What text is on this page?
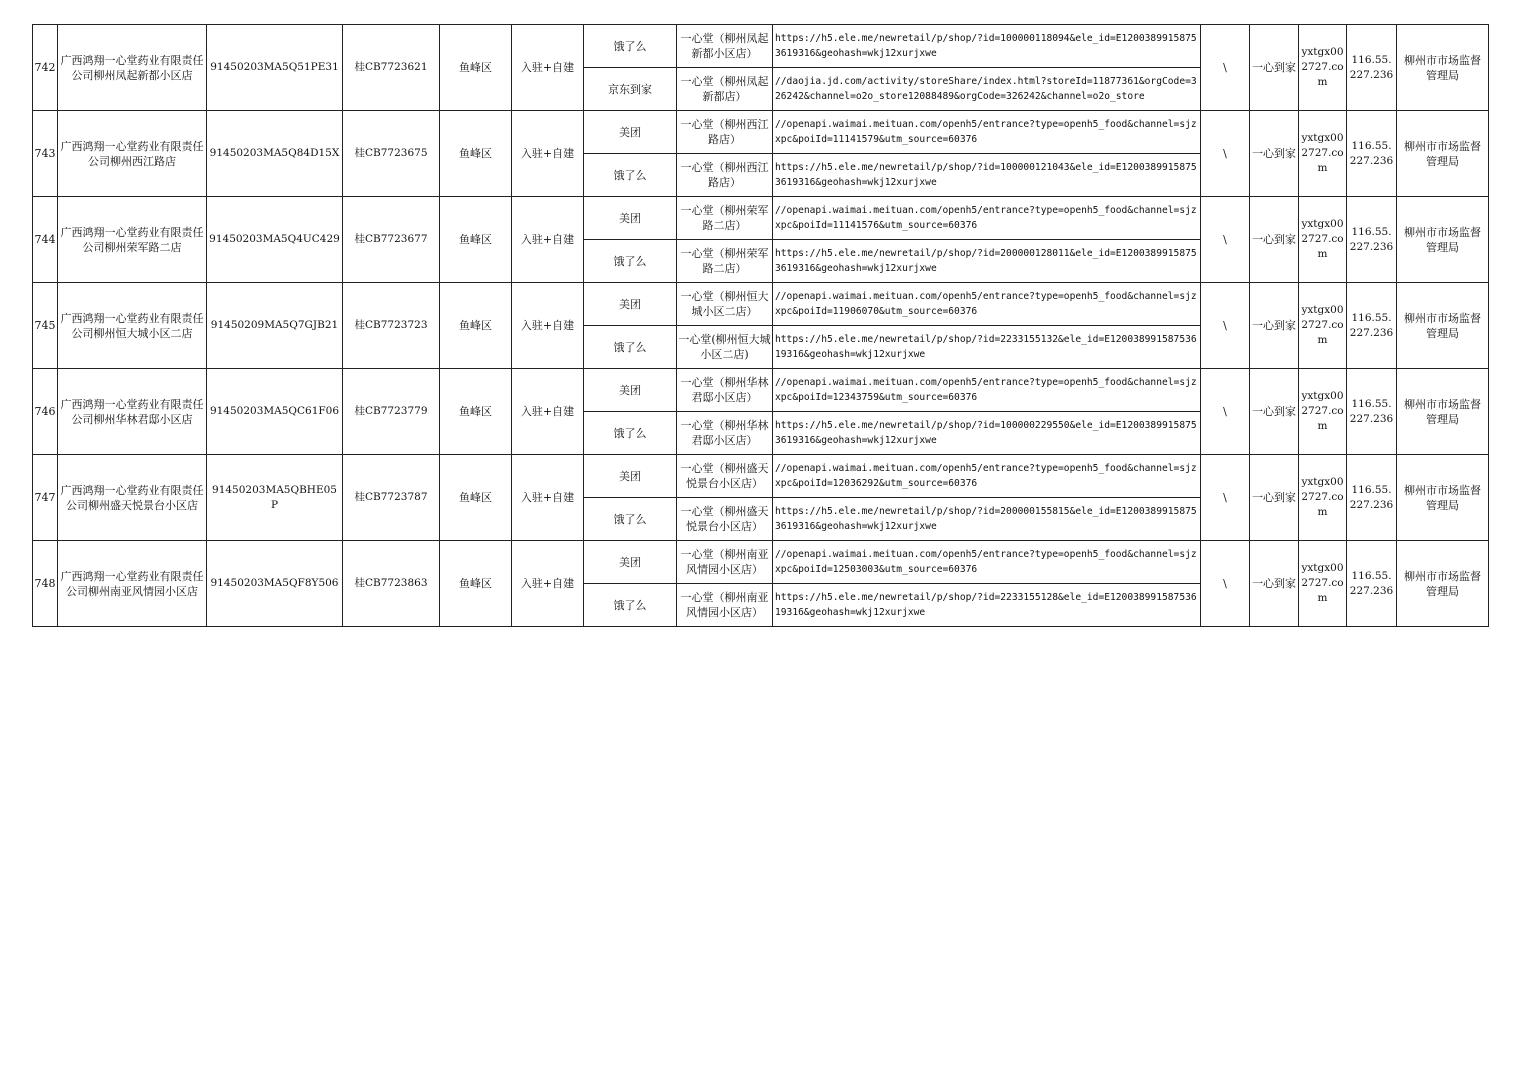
742	广西鸿翔一心堂药业有限责任公司柳州凤起新都小区店	91450203MA5Q51PE31	桂CB7723621	鱼峰区	入驻+自建	饿了么	一心堂（柳州凤起新都小区店）	https://h5.ele.me/newretail/p/shop/?id=100000118094&ele_id=E12003899158753619316&geohash=wkj12xurjxwe	\	一心到家	yxtgx002727.com	116.55.227.236	柳州市市场监督管理局
						京东到家	一心堂（柳州凤起新都店）	//daojia.jd.com/activity/storeShare/index.html?storeId=11877361&orgCode=326242&channel=o2o_store12088489&orgCode=326242&channel=o2o_store					
743	广西鸿翔一心堂药业有限责任公司柳州西江路店	91450203MA5Q84D15X	桂CB7723675	鱼峰区	入驻+自建	美团	一心堂（柳州西江路店）	//openapi.waimai.meituan.com/openh5/entrance?type=openh5_food&channel=sjzxpc&poiId=11141579&utm_source=60376	\	一心到家	yxtgx002727.com	116.55.227.236	柳州市市场监督管理局
						饿了么	一心堂（柳州西江路店）	https://h5.ele.me/newretail/p/shop/?id=100000121043&ele_id=E12003899158753619316&geohash=wkj12xurjxwe					
744	广西鸿翔一心堂药业有限责任公司柳州荣军路二店	91450203MA5Q4UC429	桂CB7723677	鱼峰区	入驻+自建	美团	一心堂（柳州荣军路二店）	//openapi.waimai.meituan.com/openh5/entrance?type=openh5_food&channel=sjzxpc&poiId=11141576&utm_source=60376	\	一心到家	yxtgx002727.com	116.55.227.236	柳州市市场监督管理局
						饿了么	一心堂（柳州荣军路二店）	https://h5.ele.me/newretail/p/shop/?id=200000128011&ele_id=E12003899158753619316&geohash=wkj12xurjxwe					
745	广西鸿翔一心堂药业有限责任公司柳州恒大城小区二店	91450209MA5Q7GJB21	桂CB7723723	鱼峰区	入驻+自建	美团	一心堂（柳州恒大城小区二店）	//openapi.waimai.meituan.com/openh5/entrance?type=openh5_food&channel=sjzxpc&poiId=11906070&utm_source=60376	\	一心到家	yxtgx002727.com	116.55.227.236	柳州市市场监督管理局
						饿了么	一心堂(柳州恒大城小区二店)	https://h5.ele.me/newretail/p/shop/?id=2233155132&ele_id=E12003899158753619316&geohash=wkj12xurjxwe					
746	广西鸿翔一心堂药业有限责任公司柳州华林君邸小区店	91450203MA5QC61F06	桂CB7723779	鱼峰区	入驻+自建	美团	一心堂（柳州华林君邸小区店）	//openapi.waimai.meituan.com/openh5/entrance?type=openh5_food&channel=sjzxpc&poiId=12343759&utm_source=60376	\	一心到家	yxtgx002727.com	116.55.227.236	柳州市市场监督管理局
						饿了么	一心堂（柳州华林君邸小区店）	https://h5.ele.me/newretail/p/shop/?id=100000229550&ele_id=E12003899158753619316&geohash=wkj12xurjxwe					
747	广西鸿翔一心堂药业有限责任公司柳州盛天悦景台小区店	91450203MA5QBHE05P	桂CB7723787	鱼峰区	入驻+自建	美团	一心堂（柳州盛天悦景台小区店）	//openapi.waimai.meituan.com/openh5/entrance?type=openh5_food&channel=sjzxpc&poiId=12036292&utm_source=60376	\	一心到家	yxtgx002727.com	116.55.227.236	柳州市市场监督管理局
						饿了么	一心堂（柳州盛天悦景台小区店）	https://h5.ele.me/newretail/p/shop/?id=200000155815&ele_id=E12003899158753619316&geohash=wkj12xurjxwe					
748	广西鸿翔一心堂药业有限责任公司柳州南亚风情园小区店	91450203MA5QF8Y506	桂CB7723863	鱼峰区	入驻+自建	美团	一心堂（柳州南亚风情园小区店）	//openapi.waimai.meituan.com/openh5/entrance?type=openh5_food&channel=sjzxpc&poiId=12503003&utm_source=60376	\	一心到家	yxtgx002727.com	116.55.227.236	柳州市市场监督管理局
						饿了么	一心堂（柳州南亚风情园小区店）	https://h5.ele.me/newretail/p/shop/?id=2233155128&ele_id=E12003899158753619316&geohash=wkj12xurjxwe					
